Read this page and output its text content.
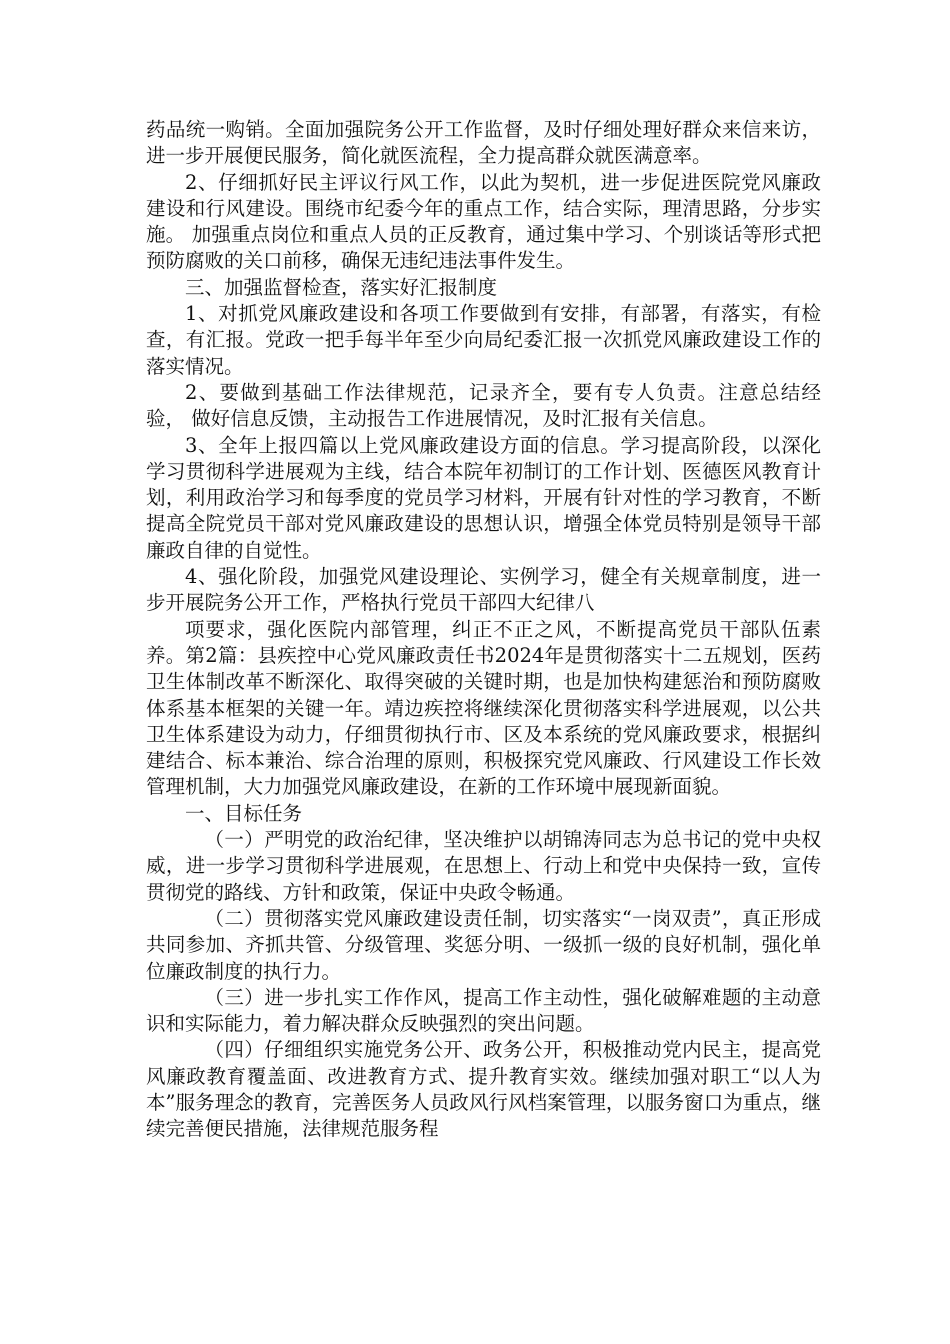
药品统一购销。全面加强院务公开工作监督，及时仔细处理好群众来信来访，进一步开展便民服务，简化就医流程，全力提高群众就医满意率。

2、仔细抓好民主评议行风工作，以此为契机，进一步促进医院党风廉政建设和行风建设。围绕市纪委今年的重点工作，结合实际，理清思路，分步实施。 加强重点岗位和重点人员的正反教育，通过集中学习、个别谈话等形式把预防腐败的关口前移，确保无违纪违法事件发生。

三、加强监督检查，落实好汇报制度

1、对抓党风廉政建设和各项工作要做到有安排，有部署，有落实，有检查，有汇报。党政一把手每半年至少向局纪委汇报一次抓党风廉政建设工作的落实情况。

2、要做到基础工作法律规范，记录齐全，要有专人负责。注意总结经验， 做好信息反馈，主动报告工作进展情况，及时汇报有关信息。

3、全年上报四篇以上党风廉政建设方面的信息。学习提高阶段，以深化学习贯彻科学进展观为主线，结合本院年初制订的工作计划、医德医风教育计划，利用政治学习和每季度的党员学习材料，开展有针对性的学习教育，不断提高全院党员干部对党风廉政建设的思想认识，增强全体党员特别是领导干部廉政自律的自觉性。

4、强化阶段，加强党风建设理论、实例学习，健全有关规章制度，进一步开展院务公开工作，严格执行党员干部四大纪律八

项要求，强化医院内部管理，纠正不正之风，不断提高党员干部队伍素养。第2篇：县疾控中心党风廉政责任书2024年是贯彻落实十二五规划，医药卫生体制改革不断深化、取得突破的关键时期，也是加快构建惩治和预防腐败体系基本框架的关键一年。靖边疾控将继续深化贯彻落实科学进展观，以公共卫生体系建设为动力，仔细贯彻执行市、区及本系统的党风廉政要求，根据纠建结合、标本兼治、综合治理的原则，积极探究党风廉政、行风建设工作长效管理机制，大力加强党风廉政建设，在新的工作环境中展现新面貌。

一、目标任务

（一）严明党的政治纪律，坚决维护以胡锦涛同志为总书记的党中央权威，进一步学习贯彻科学进展观，在思想上、行动上和党中央保持一致，宣传贯彻党的路线、方针和政策，保证中央政令畅通。

（二）贯彻落实党风廉政建设责任制，切实落实“一岗双责”，真正形成共同参加、齐抓共管、分级管理、奖惩分明、一级抓一级的良好机制，强化单位廉政制度的执行力。

（三）进一步扎实工作作风，提高工作主动性，强化破解难题的主动意识和实际能力，着力解决群众反映强烈的突出问题。

（四）仔细组织实施党务公开、政务公开，积极推动党内民主，提高党风廉政教育覆盖面、改进教育方式、提升教育实效。继续加强对职工“以人为本”服务理念的教育，完善医务人员政风行风档案管理，以服务窗口为重点，继续完善便民措施，法律规范服务程
